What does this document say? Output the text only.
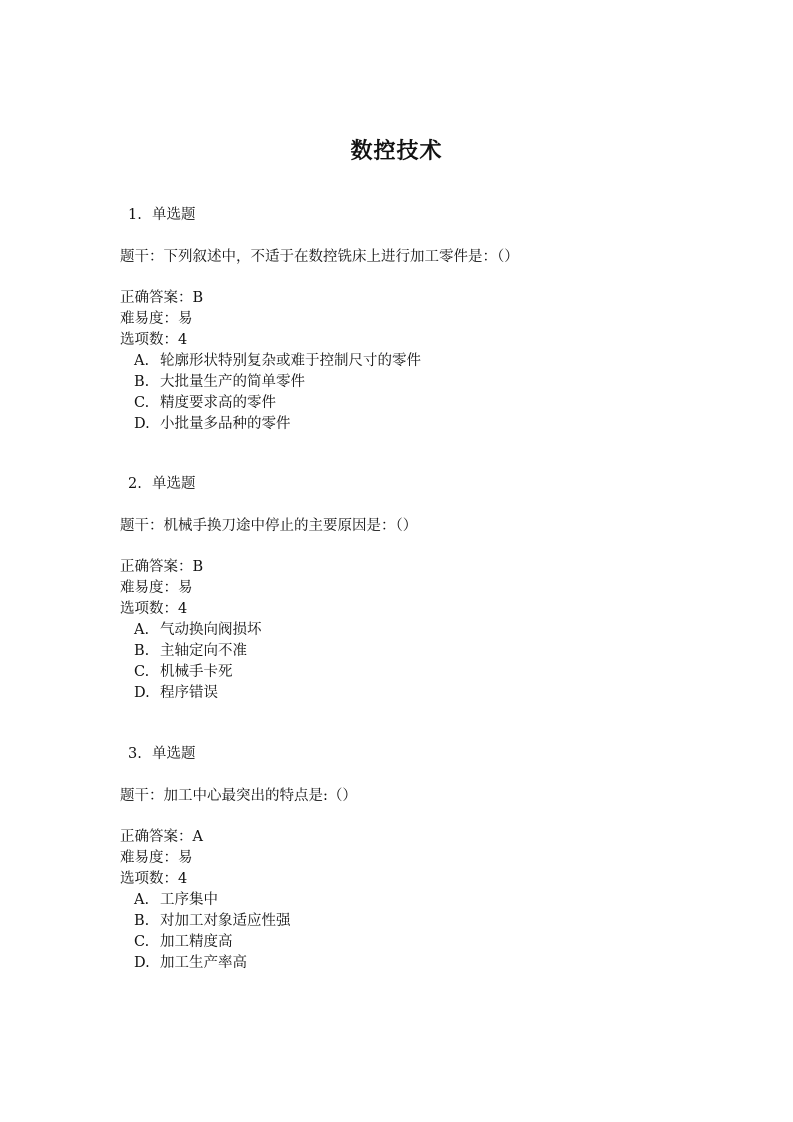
数控技术
1. 单选题
题干：下列叙述中，不适于在数控铣床上进行加工零件是：（）
正确答案：B
难易度：易
选项数：4
A. 轮廓形状特别复杂或难于控制尺寸的零件
B. 大批量生产的简单零件
C. 精度要求高的零件
D. 小批量多品种的零件
2. 单选题
题干：机械手换刀途中停止的主要原因是：（）
正确答案：B
难易度：易
选项数：4
A. 气动换向阀损坏
B. 主轴定向不准
C. 机械手卡死
D. 程序错误
3. 单选题
题干：加工中心最突出的特点是:（）
正确答案：A
难易度：易
选项数：4
A. 工序集中
B. 对加工对象适应性强
C. 加工精度高
D. 加工生产率高
